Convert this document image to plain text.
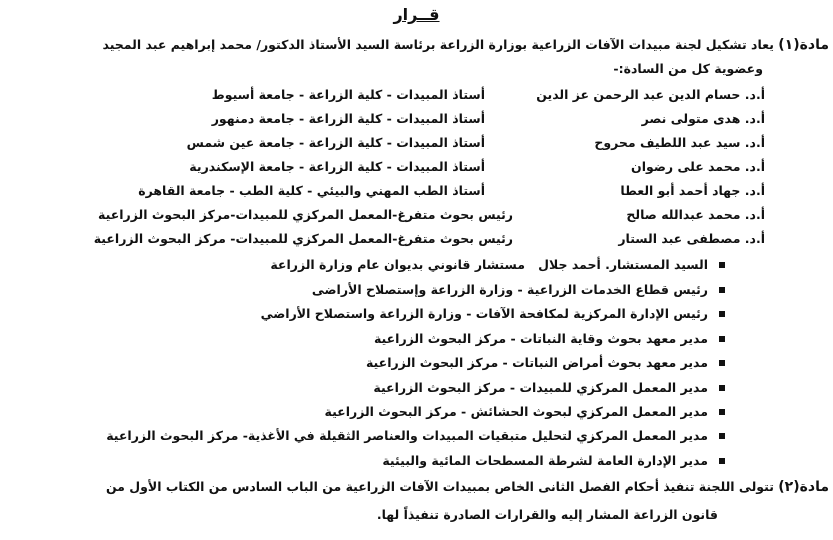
قــرار
مادة(١) يعاد تشكيل لجنة مبيدات الآفات الزراعية بوزارة الزراعة برئاسة السيد الأستاذ الدكتور/ محمد إبراهيم عبد المجيد
وعضوية كل من السادة:-
أ.د. حسام الدين عبد الرحمن عز الدين
أستاذ المبيدات - كلية الزراعة - جامعة أسيوط
أ.د. هدى متولى نصر
أستاذ المبيدات - كلية الزراعة - جامعة دمنهور
أ.د. سيد عبد اللطيف محروح
أستاذ المبيدات - كلية الزراعة - جامعة عين شمس
أ.د. محمد على رضوان
أستاذ المبيدات - كلية الزراعة - جامعة الإسكندرية
أ.د. جهاد أحمد أبو العطا
أستاذ الطب المهني والبيئي - كلية الطب - جامعة القاهرة
أ.د. محمد عبدالله صالح
رئيس بحوث متفرغ-المعمل المركزي للمبيدات-مركز البحوث الزراعية
أ.د. مصطفى عبد الستار
رئيس بحوث متفرغ-المعمل المركزي للمبيدات- مركز البحوث الزراعية
السيد المستشار. أحمد جلال
مستشار قانوني بديوان عام وزارة الزراعة
رئيس قطاع الخدمات الزراعية - وزارة الزراعة وإستصلاح الأراضى
رئيس الإدارة المركزية لمكافحة الآفات - وزارة الزراعة واستصلاح الأراضي
مدير معهد بحوث وقاية النباتات - مركز البحوث الزراعية
مدير معهد بحوث أمراض النباتات - مركز البحوث الزراعية
مدير المعمل المركزي للمبيدات - مركز البحوث الزراعية
مدير المعمل المركزي لبحوث الحشائش - مركز البحوث الزراعية
مدير المعمل المركزي لتحليل متبقيات المبيدات والعناصر الثقيلة في الأغذية- مركز البحوث الزراعية
مدير الإدارة العامة لشرطة المسطحات المائية والبيئية
مادة(٢) تتولى اللجنة تنفيذ أحكام الفصل الثانى الخاص بمبيدات الآفات الزراعية من الباب السادس من الكتاب الأول من
قانون الزراعة المشار إليه والقرارات الصادرة تنفيذاً لها.
